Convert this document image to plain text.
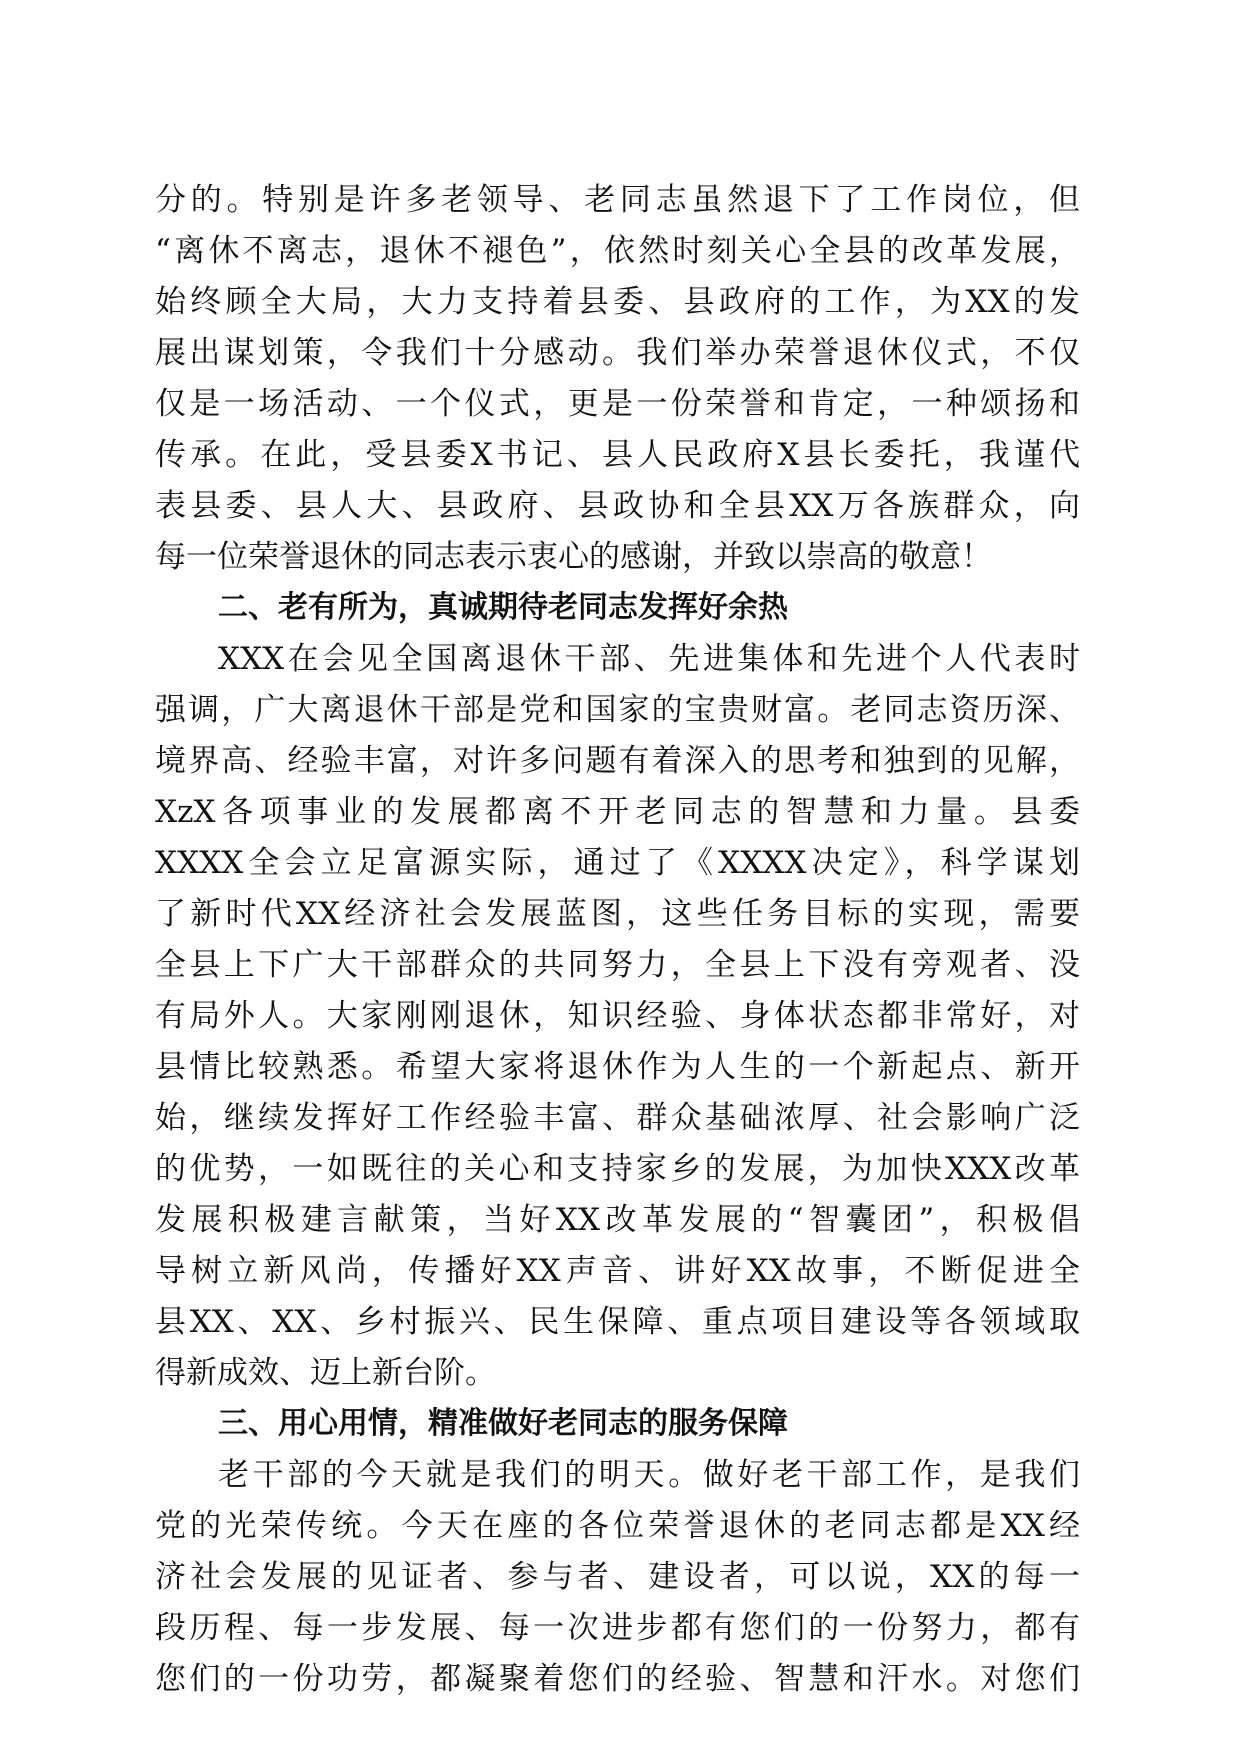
分的。特别是许多老领导、老同志虽然退下了工作岗位，但
“离休不离志，退休不褪色”，依然时刻关心全县的改革发展，
始终顾全大局，大力支持着县委、县政府的工作，为XX的发
展出谋划策，令我们十分感动。我们举办荣誉退休仪式，不仅
仅是一场活动、一个仪式，更是一份荣誉和肯定，一种颂扬和
传承。在此，受县委X书记、县人民政府X县长委托，我谨代
表县委、县人大、县政府、县政协和全县XX万各族群众，向
每一位荣誉退休的同志表示衷心的感谢，并致以崇高的敬意！
二、老有所为，真诚期待老同志发挥好余热
XXX在会见全国离退休干部、先进集体和先进个人代表时
强调，广大离退休干部是党和国家的宝贵财富。老同志资历深、
境界高、经验丰富，对许多问题有着深入的思考和独到的见解，
XzX各项事业的发展都离不开老同志的智慧和力量。县委
XXXX全会立足富源实际，通过了《XXXX决定》，科学谋划
了新时代XX经济社会发展蓝图，这些任务目标的实现，需要
全县上下广大干部群众的共同努力，全县上下没有旁观者、没
有局外人。大家刚刚退休，知识经验、身体状态都非常好，对
县情比较熟悉。希望大家将退休作为人生的一个新起点、新开
始，继续发挥好工作经验丰富、群众基础浓厚、社会影响广泛
的优势，一如既往的关心和支持家乡的发展，为加快XXX改革
发展积极建言献策，当好XX改革发展的“智囊团”，积极倡
导树立新风尚，传播好XX声音、讲好XX故事，不断促进全
县XX、XX、乡村振兴、民生保障、重点项目建设等各领域取
得新成效、迈上新台阶。
三、用心用情，精准做好老同志的服务保障
老干部的今天就是我们的明天。做好老干部工作，是我们
党的光荣传统。今天在座的各位荣誉退休的老同志都是XX经
济社会发展的见证者、参与者、建设者，可以说，XX的每一
段历程、每一步发展、每一次进步都有您们的一份努力，都有
您们的一份功劳，都凝聚着您们的经验、智慧和汗水。对您们
